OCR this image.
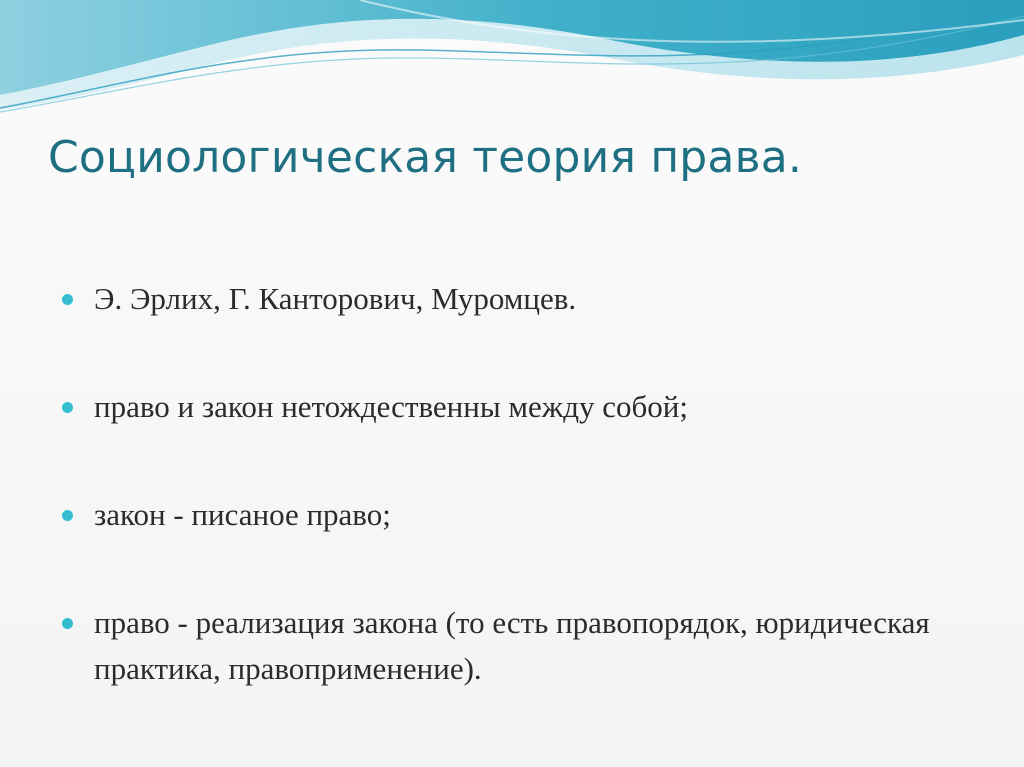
Социологическая теория права.
Э. Эрлих, Г. Канторович, Муромцев.
право и закон нетождественны между собой;
закон - писаное право;
право - реализация закона (то есть правопорядок, юридическая практика, правоприменение).
